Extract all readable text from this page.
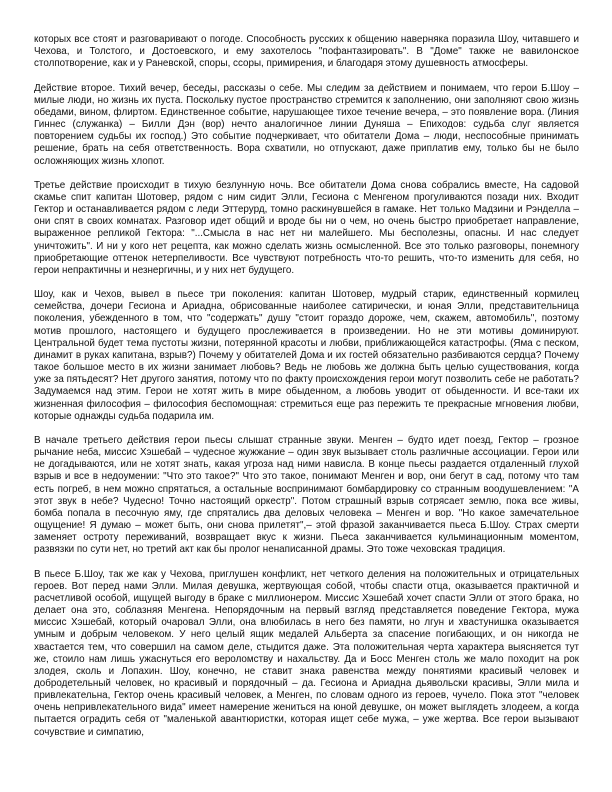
которых все стоят и разговаривают о погоде. Способность русских к общению наверняка поразила Шоу, читавшего и Чехова, и Толстого, и Достоевского, и ему захотелось "пофантазировать". В "Доме" также не вавилонское столпотворение, как и у Раневской, споры, ссоры, примирения, и благодаря этому душевность атмосферы.

Действие второе. Тихий вечер, беседы, рассказы о себе. Мы следим за действием и понимаем, что герои Б.Шоу – милые люди, но жизнь их пуста. Поскольку пустое пространство стремится к заполнению, они заполняют свою жизнь обедами, вином, флиртом. Единственное событие, нарушающее тихое течение вечера, – это появление вора. (Линия Гиннес (служанка) – Билли Дэн (вор) нечто аналогичное линии Дуняша – Епиходов: судьба слуг является повторением судьбы их господ.) Это событие подчеркивает, что обитатели Дома – люди, неспособные принимать решение, брать на себя ответственность. Вора схватили, но отпускают, даже приплатив ему, только бы не было осложняющих жизнь хлопот.

Третье действие происходит в тихую безлунную ночь. Все обитатели Дома снова собрались вместе, На садовой скамье спит капитан Шотовер, рядом с ним сидит Элли, Гесиона с Менгеном прогуливаются позади них. Входит Гектор и останавливается рядом с леди Эттерурд, томно раскинувшейся в гамаке. Нет только Мадзини и Рэнделла – они спят в своих комнатах. Разговор идет общий и вроде бы ни о чем, но очень быстро приобретает направление, выраженное репликой Гектора: "...Смысла в нас нет ни малейшего. Мы бесполезны, опасны. И нас следует уничтожить". И ни у кого нет рецепта, как можно сделать жизнь осмысленной. Все это только разговоры, понемногу приобретающие оттенок нетерпеливости. Все чувствуют потребность что-то решить, что-то изменить для себя, но герои непрактичны и незнергичны, и у них нет будущего.

Шоу, как и Чехов, вывел в пьесе три поколения: капитан Шотовер, мудрый старик, единственный кормилец семейства, дочери Гесиона и Ариадна, обрисованные наиболее сатирически, и юная Элли, представительница поколения, убежденного в том, что "содержать" душу "стоит гораздо дороже, чем, скажем, автомобиль", поэтому мотив прошлого, настоящего и будущего прослеживается в произведении. Но не эти мотивы доминируют. Центральной будет тема пустоты жизни, потерянной красоты и любви, приближающейся катастрофы. (Яма с песком, динамит в руках капитана, взрыв?) Почему у обитателей Дома и их гостей обязательно разбиваются сердца? Почему такое большое место в их жизни занимает любовь? Ведь не любовь же должна быть целью существования, когда уже за пятьдесят? Нет другого занятия, потому что по факту происхождения герои могут позволить себе не работать? Задумаемся над этим. Герои не хотят жить в мире обыденном, а любовь уводит от обыденности. И все-таки их жизненная философия – философия беспомощная: стремиться еще раз пережить те прекрасные мгновения любви, которые однажды судьба подарила им.

В начале третьего действия герои пьесы слышат странные звуки. Менген – будто идет поезд, Гектор – грозное рычание неба, миссис Хэшебай – чудесное жужжание – один звук вызывает столь различные ассоциации. Герои или не догадываются, или не хотят знать, какая угроза над ними нависла. В конце пьесы раздается отдаленный глухой взрыв и все в недоумении: "Что это такое?" Что это такое, понимают Менген и вор, они бегут в сад, потому что там есть погреб, в нем можно спрятаться, а остальные воспринимают бомбардировку со странным воодушевлением: "А этот звук в небе? Чудесно! Точно настоящий оркестр". Потом страшный взрыв сотрясает землю, пока все живы, бомба попала в песочную яму, где спрятались два деловых человека – Менген и вор. "Но какое замечательное ощущение! Я думаю – может быть, они снова прилетят",– этой фразой заканчивается пьеса Б.Шоу. Страх смерти заменяет остроту переживаний, возвращает вкус к жизни. Пьеса заканчивается кульминационным моментом, развязки по сути нет, но третий акт как бы пролог ненаписанной драмы. Это тоже чеховская традиция.

В пьесе Б.Шоу, так же как у Чехова, приглушен конфликт, нет четкого деления на положительных и отрицательных героев. Вот перед нами Элли. Милая девушка, жертвующая собой, чтобы спасти отца, оказывается практичной и расчетливой особой, ищущей выгоду в браке с миллионером. Миссис Хэшебай хочет спасти Элли от этого брака, но делает она это, соблазняя Менгена. Непорядочным на первый взгляд представляется поведение Гектора, мужа миссис Хэшебай, который очаровал Элли, она влюбилась в него без памяти, но лгун и хвастунишка оказывается умным и добрым человеком. У него целый ящик медалей Альберта за спасение погибающих, и он никогда не хвастается тем, что совершил на самом деле, стыдится даже. Эта положительная черта характера выясняется тут же, стоило нам лишь ужаснуться его вероломству и нахальству. Да и Босс Менген столь же мало походит на рок злодея, сколь и Лопахин. Шоу, конечно, не ставит знака равенства между понятиями красивый человек и добродетельный человек, но красивый и порядочный – да. Гесиона и Ариадна дьявольски красивы, Элли мила и привлекательна, Гектор очень красивый человек, а Менген, по словам одного из героев, чучело. Пока этот "человек очень непривлекательного вида" имеет намерение жениться на юной девушке, он может выглядеть злодеем, а когда пытается оградить себя от "маленькой авантюристки, которая ищет себе мужа, – уже жертва. Все герои вызывают сочувствие и симпатию,
